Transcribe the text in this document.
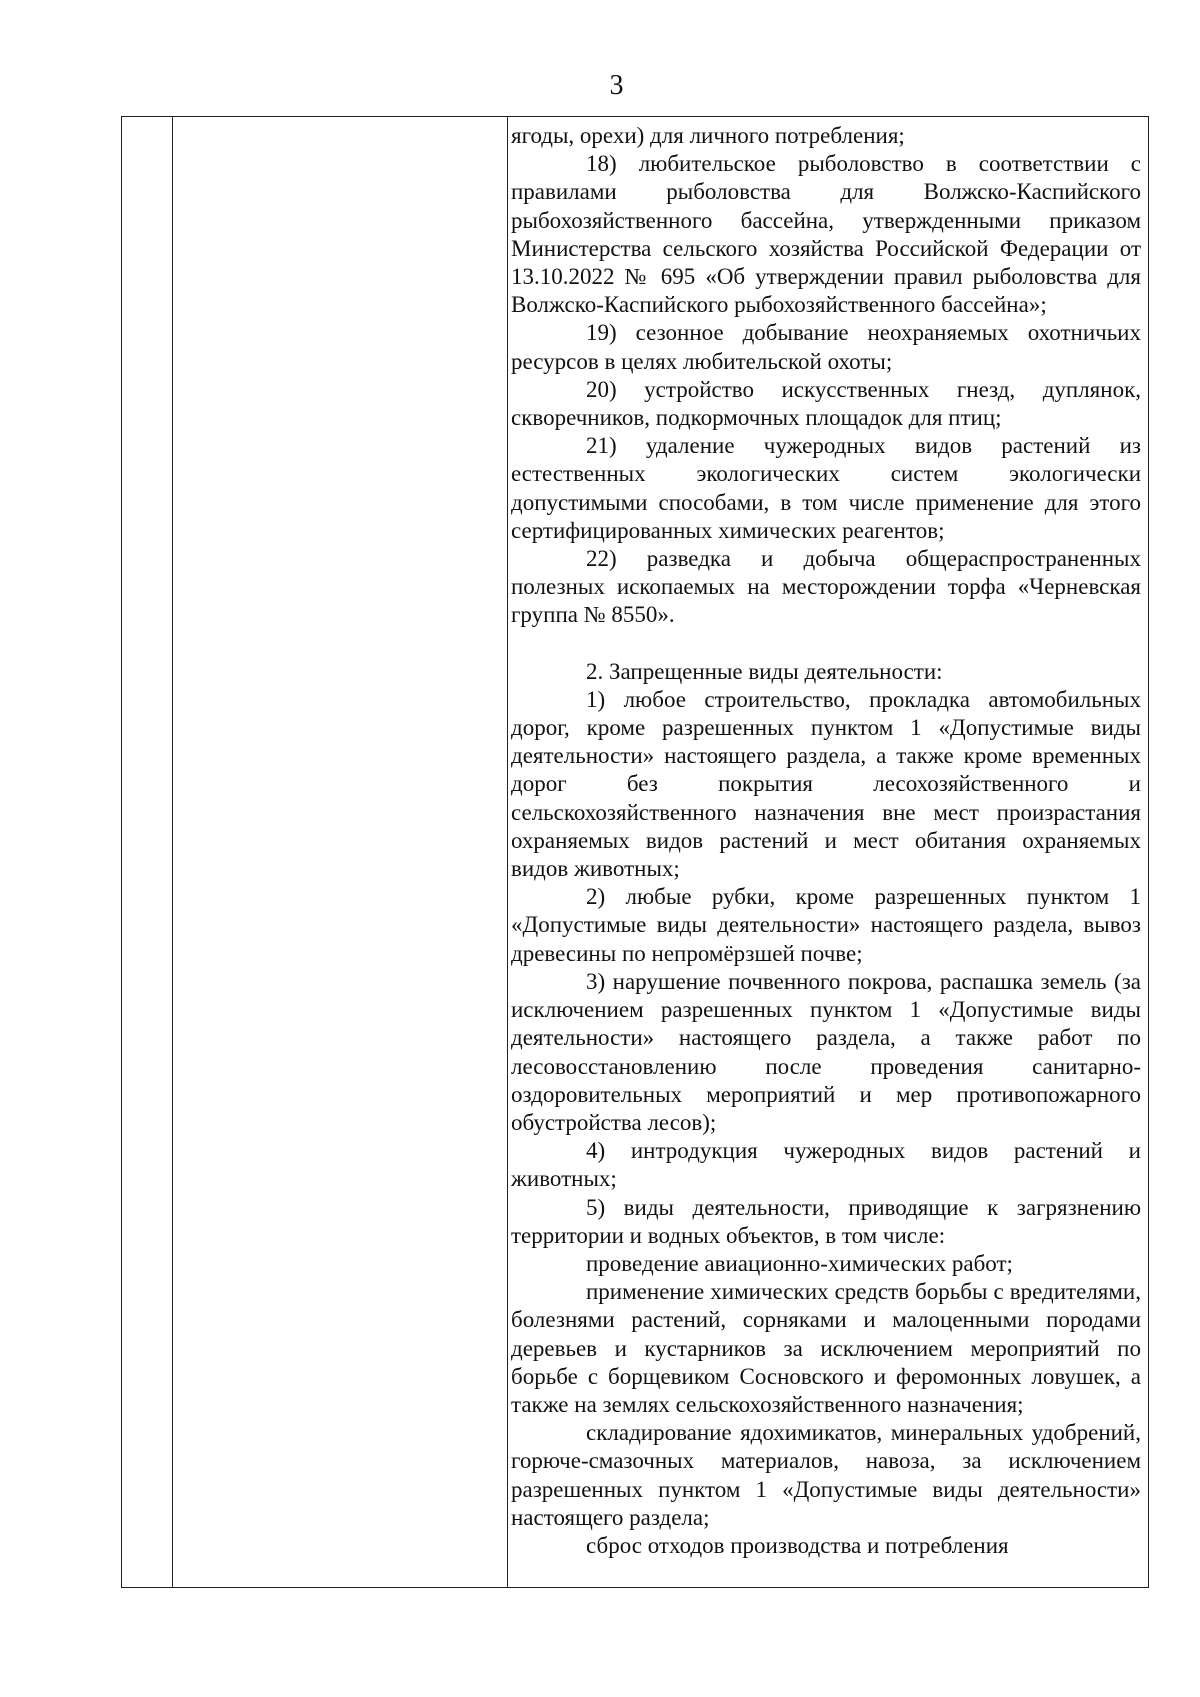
3

ягоды, орехи) для личного потребления;

18) любительское рыболовство в соответствии с правилами рыболовства для Волжско-Каспийского рыбохозяйственного бассейна, утвержденными приказом Министерства сельского хозяйства Российской Федерации от 13.10.2022 № 695 «Об утверждении правил рыболовства для Волжско-Каспийского рыбохозяйственного бассейна»;

19) сезонное добывание неохраняемых охотничьих ресурсов в целях любительской охоты;

20) устройство искусственных гнезд, дуплянок, скворечников, подкормочных площадок для птиц;

21) удаление чужеродных видов растений из естественных экологических систем экологически допустимыми способами, в том числе применение для этого сертифицированных химических реагентов;

22) разведка и добыча общераспространенных полезных ископаемых на месторождении торфа «Черневская группа № 8550».

2. Запрещенные виды деятельности:

1) любое строительство, прокладка автомобильных дорог, кроме разрешенных пунктом 1 «Допустимые виды деятельности» настоящего раздела, а также кроме временных дорог без покрытия лесохозяйственного и сельскохозяйственного назначения вне мест произрастания охраняемых видов растений и мест обитания охраняемых видов животных;

2) любые рубки, кроме разрешенных пунктом 1 «Допустимые виды деятельности» настоящего раздела, вывоз древесины по непромёрзшей почве;

3) нарушение почвенного покрова, распашка земель (за исключением разрешенных пунктом 1 «Допустимые виды деятельности» настоящего раздела, а также работ по лесовосстановлению после проведения санитарно-оздоровительных мероприятий и мер противопожарного обустройства лесов);

4) интродукция чужеродных видов растений и животных;

5) виды деятельности, приводящие к загрязнению территории и водных объектов, в том числе:

проведение авиационно-химических работ;

применение химических средств борьбы с вредителями, болезнями растений, сорняками и малоценными породами деревьев и кустарников за исключением мероприятий по борьбе с борщевиком Сосновского и феромонных ловушек, а также на землях сельскохозяйственного назначения;

складирование ядохимикатов, минеральных удобрений, горюче-смазочных материалов, навоза, за исключением разрешенных пунктом 1 «Допустимые виды деятельности» настоящего раздела;

сброс отходов производства и потребления
